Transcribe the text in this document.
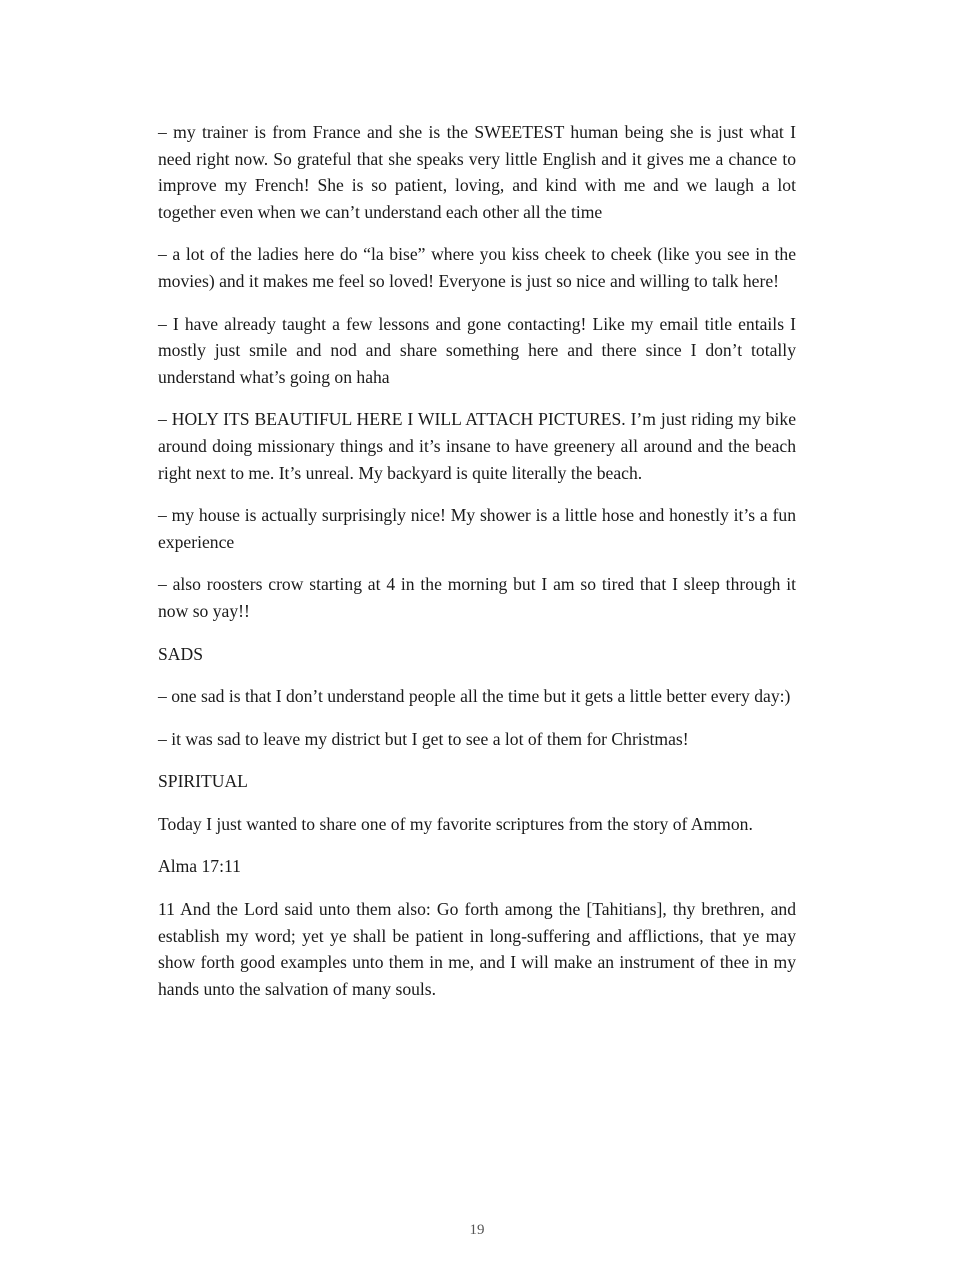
– my trainer is from France and she is the SWEETEST human being she is just what I need right now. So grateful that she speaks very little English and it gives me a chance to improve my French! She is so patient, loving, and kind with me and we laugh a lot together even when we can’t understand each other all the time

– a lot of the ladies here do “la bise” where you kiss cheek to cheek (like you see in the movies) and it makes me feel so loved! Everyone is just so nice and willing to talk here!

– I have already taught a few lessons and gone contacting! Like my email title entails I mostly just smile and nod and share something here and there since I don’t totally understand what’s going on haha

– HOLY ITS BEAUTIFUL HERE I WILL ATTACH PICTURES. I’m just riding my bike around doing missionary things and it’s insane to have greenery all around and the beach right next to me. It’s unreal. My backyard is quite literally the beach.

– my house is actually surprisingly nice! My shower is a little hose and honestly it’s a fun experience

– also roosters crow starting at 4 in the morning but I am so tired that I sleep through it now so yay!!

SADS

– one sad is that I don’t understand people all the time but it gets a little better every day:)

– it was sad to leave my district but I get to see a lot of them for Christmas!

SPIRITUAL

Today I just wanted to share one of my favorite scriptures from the story of Ammon.

Alma 17:11

11 And the Lord said unto them also: Go forth among the [Tahitians], thy brethren, and establish my word; yet ye shall be patient in long-suffering and afflictions, that ye may show forth good examples unto them in me, and I will make an instrument of thee in my hands unto the salvation of many souls.

19
